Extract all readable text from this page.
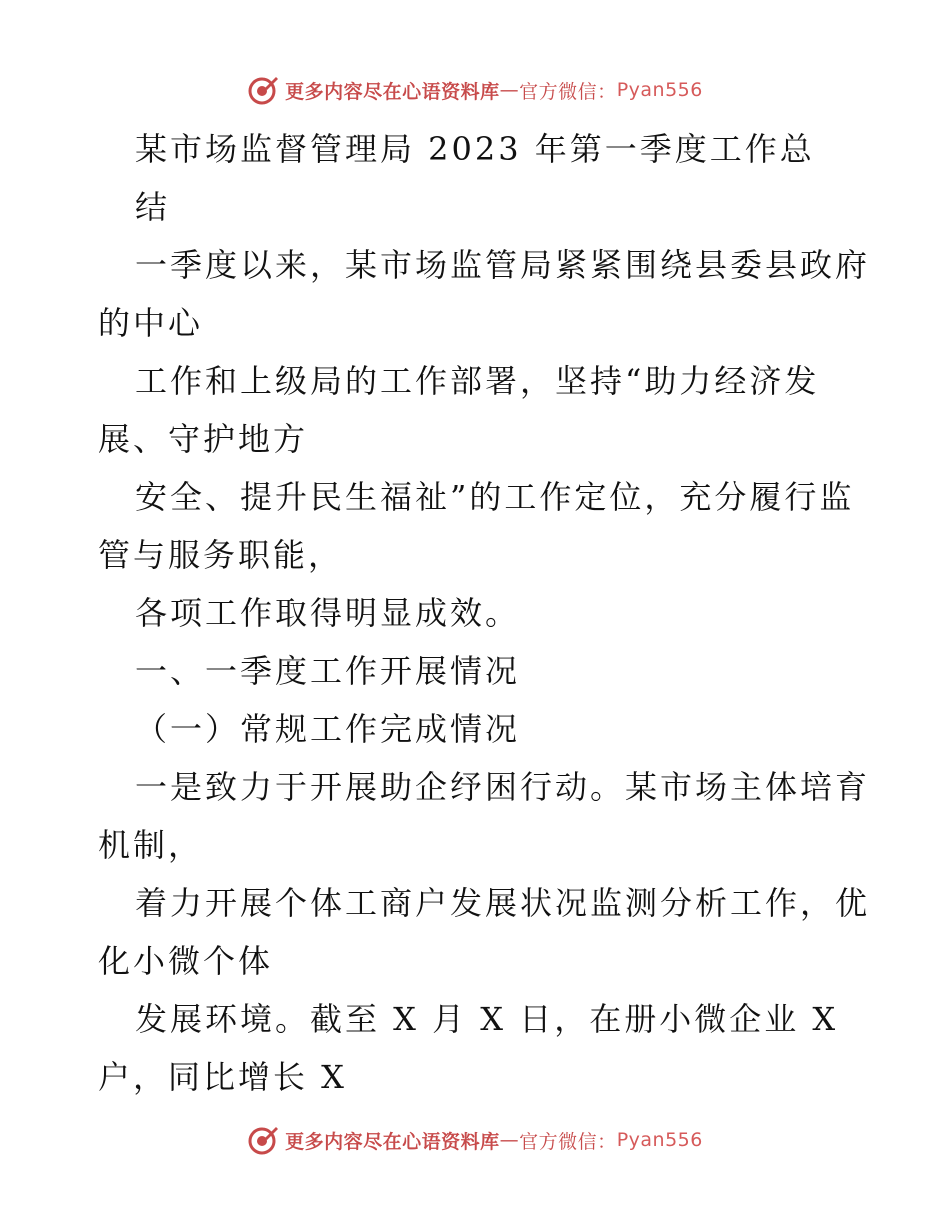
更多内容尽在心语资料库 — 官方微信： Pyan556
某市场监督管理局 2023 年第一季度工作总
结
一季度以来，某市场监管局紧紧围绕县委县政府
的中心
工作和上级局的工作部署，坚持“助力经济发
展、守护地方
安全、提升民生福祉”的工作定位，充分履行监
管与服务职能，
各项工作取得明显成效。
一、一季度工作开展情况
（一）常规工作完成情况
一是致力于开展助企纾困行动。某市场主体培育
机制，
着力开展个体工商户发展状况监测分析工作，优
化小微个体
发展环境。截至 X 月 X 日，在册小微企业 X
户，同比增长 X
更多内容尽在心语资料库 — 官方微信： Pyan556
